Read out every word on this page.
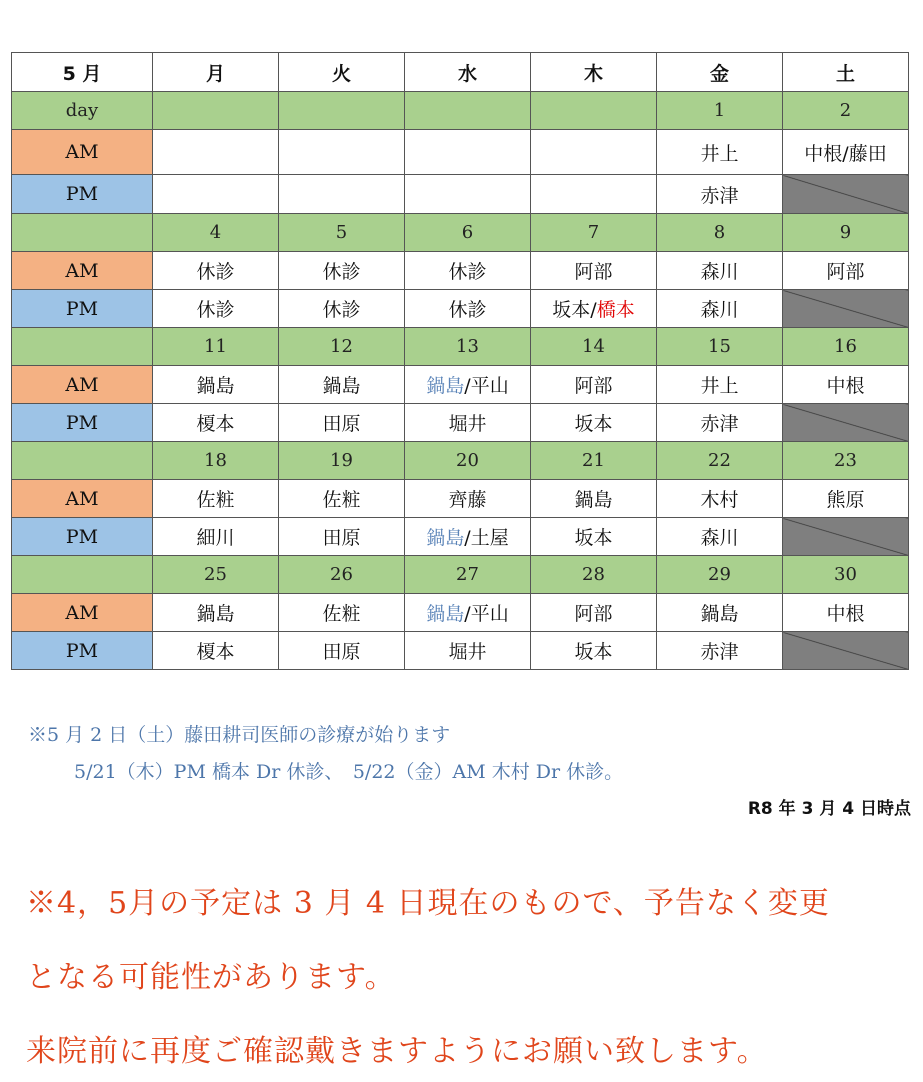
5 月	月	火	水	木	金	土
day					1	2
AM					井上	中根/藤田
PM					赤津	
	4	5	6	7	8	9
AM	休診	休診	休診	阿部	森川	阿部
PM	休診	休診	休診	坂本/橋本	森川	
	11	12	13	14	15	16
AM	鍋島	鍋島	鍋島/平山	阿部	井上	中根
PM	榎本	田原	堀井	坂本	赤津	
	18	19	20	21	22	23
AM	佐粧	佐粧	齊藤	鍋島	木村	熊原
PM	細川	田原	鍋島/土屋	坂本	森川	
	25	26	27	28	29	30
AM	鍋島	佐粧	鍋島/平山	阿部	鍋島	中根
PM	榎本	田原	堀井	坂本	赤津	
※5 月 2 日（土）藤田耕司医師の診療が始ります
5/21（木）PM 橋本 Dr 休診、　5/22（金）AM 木村 Dr 休診。
R8 年 3 月 4 日時点
※4，5月の予定は 3 月 4 日現在のもので、予告なく変更
となる可能性があります。
来院前に再度ご確認戴きますようにお願い致します。
